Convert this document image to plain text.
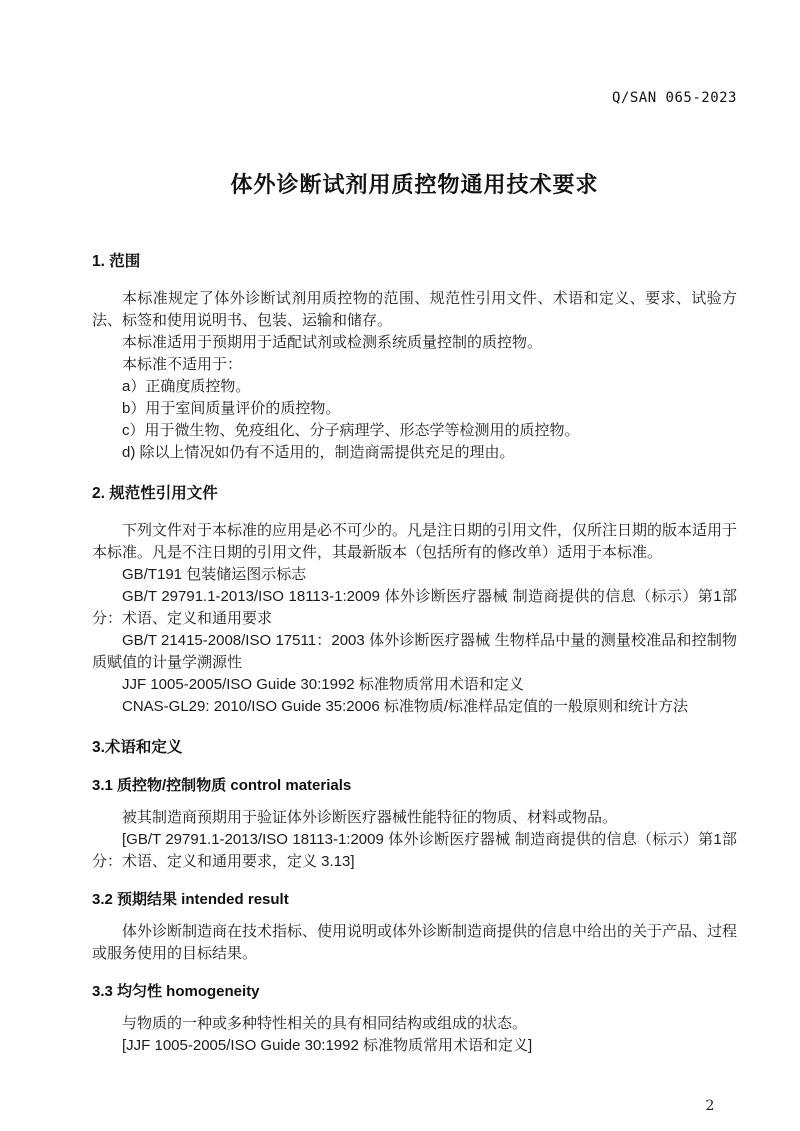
Q/SAN 065-2023
体外诊断试剂用质控物通用技术要求
1. 范围

本标准规定了体外诊断试剂用质控物的范围、规范性引用文件、术语和定义、要求、试验方法、标签和使用说明书、包装、运输和储存。

本标准适用于预期用于适配试剂或检测系统质量控制的质控物。

本标准不适用于：

a）正确度质控物。

b）用于室间质量评价的质控物。

c）用于微生物、免疫组化、分子病理学、形态学等检测用的质控物。

d) 除以上情况如仍有不适用的，制造商需提供充足的理由。

2. 规范性引用文件

下列文件对于本标准的应用是必不可少的。凡是注日期的引用文件，仅所注日期的版本适用于本标准。凡是不注日期的引用文件，其最新版本（包括所有的修改单）适用于本标准。

GB/T191 包装储运图示标志

GB/T 29791.1-2013/ISO 18113-1:2009 体外诊断医疗器械 制造商提供的信息（标示）第1部分：术语、定义和通用要求

GB/T 21415-2008/ISO 17511：2003 体外诊断医疗器械 生物样品中量的测量校准品和控制物质赋值的计量学溯源性

JJF 1005-2005/ISO Guide 30:1992 标准物质常用术语和定义

CNAS-GL29: 2010/ISO Guide 35:2006 标准物质/标准样品定值的一般原则和统计方法

3.术语和定义
3.1 质控物/控制物质 control materials

被其制造商预期用于验证体外诊断医疗器械性能特征的物质、材料或物品。

[GB/T 29791.1-2013/ISO 18113-1:2009 体外诊断医疗器械 制造商提供的信息（标示）第1部分：术语、定义和通用要求，定义 3.13]

3.2 预期结果 intended result

体外诊断制造商在技术指标、使用说明或体外诊断制造商提供的信息中给出的关于产品、过程或服务使用的目标结果。

3.3 均匀性 homogeneity

与物质的一种或多种特性相关的具有相同结构或组成的状态。

[JJF 1005-2005/ISO Guide 30:1992 标准物质常用术语和定义]

2
